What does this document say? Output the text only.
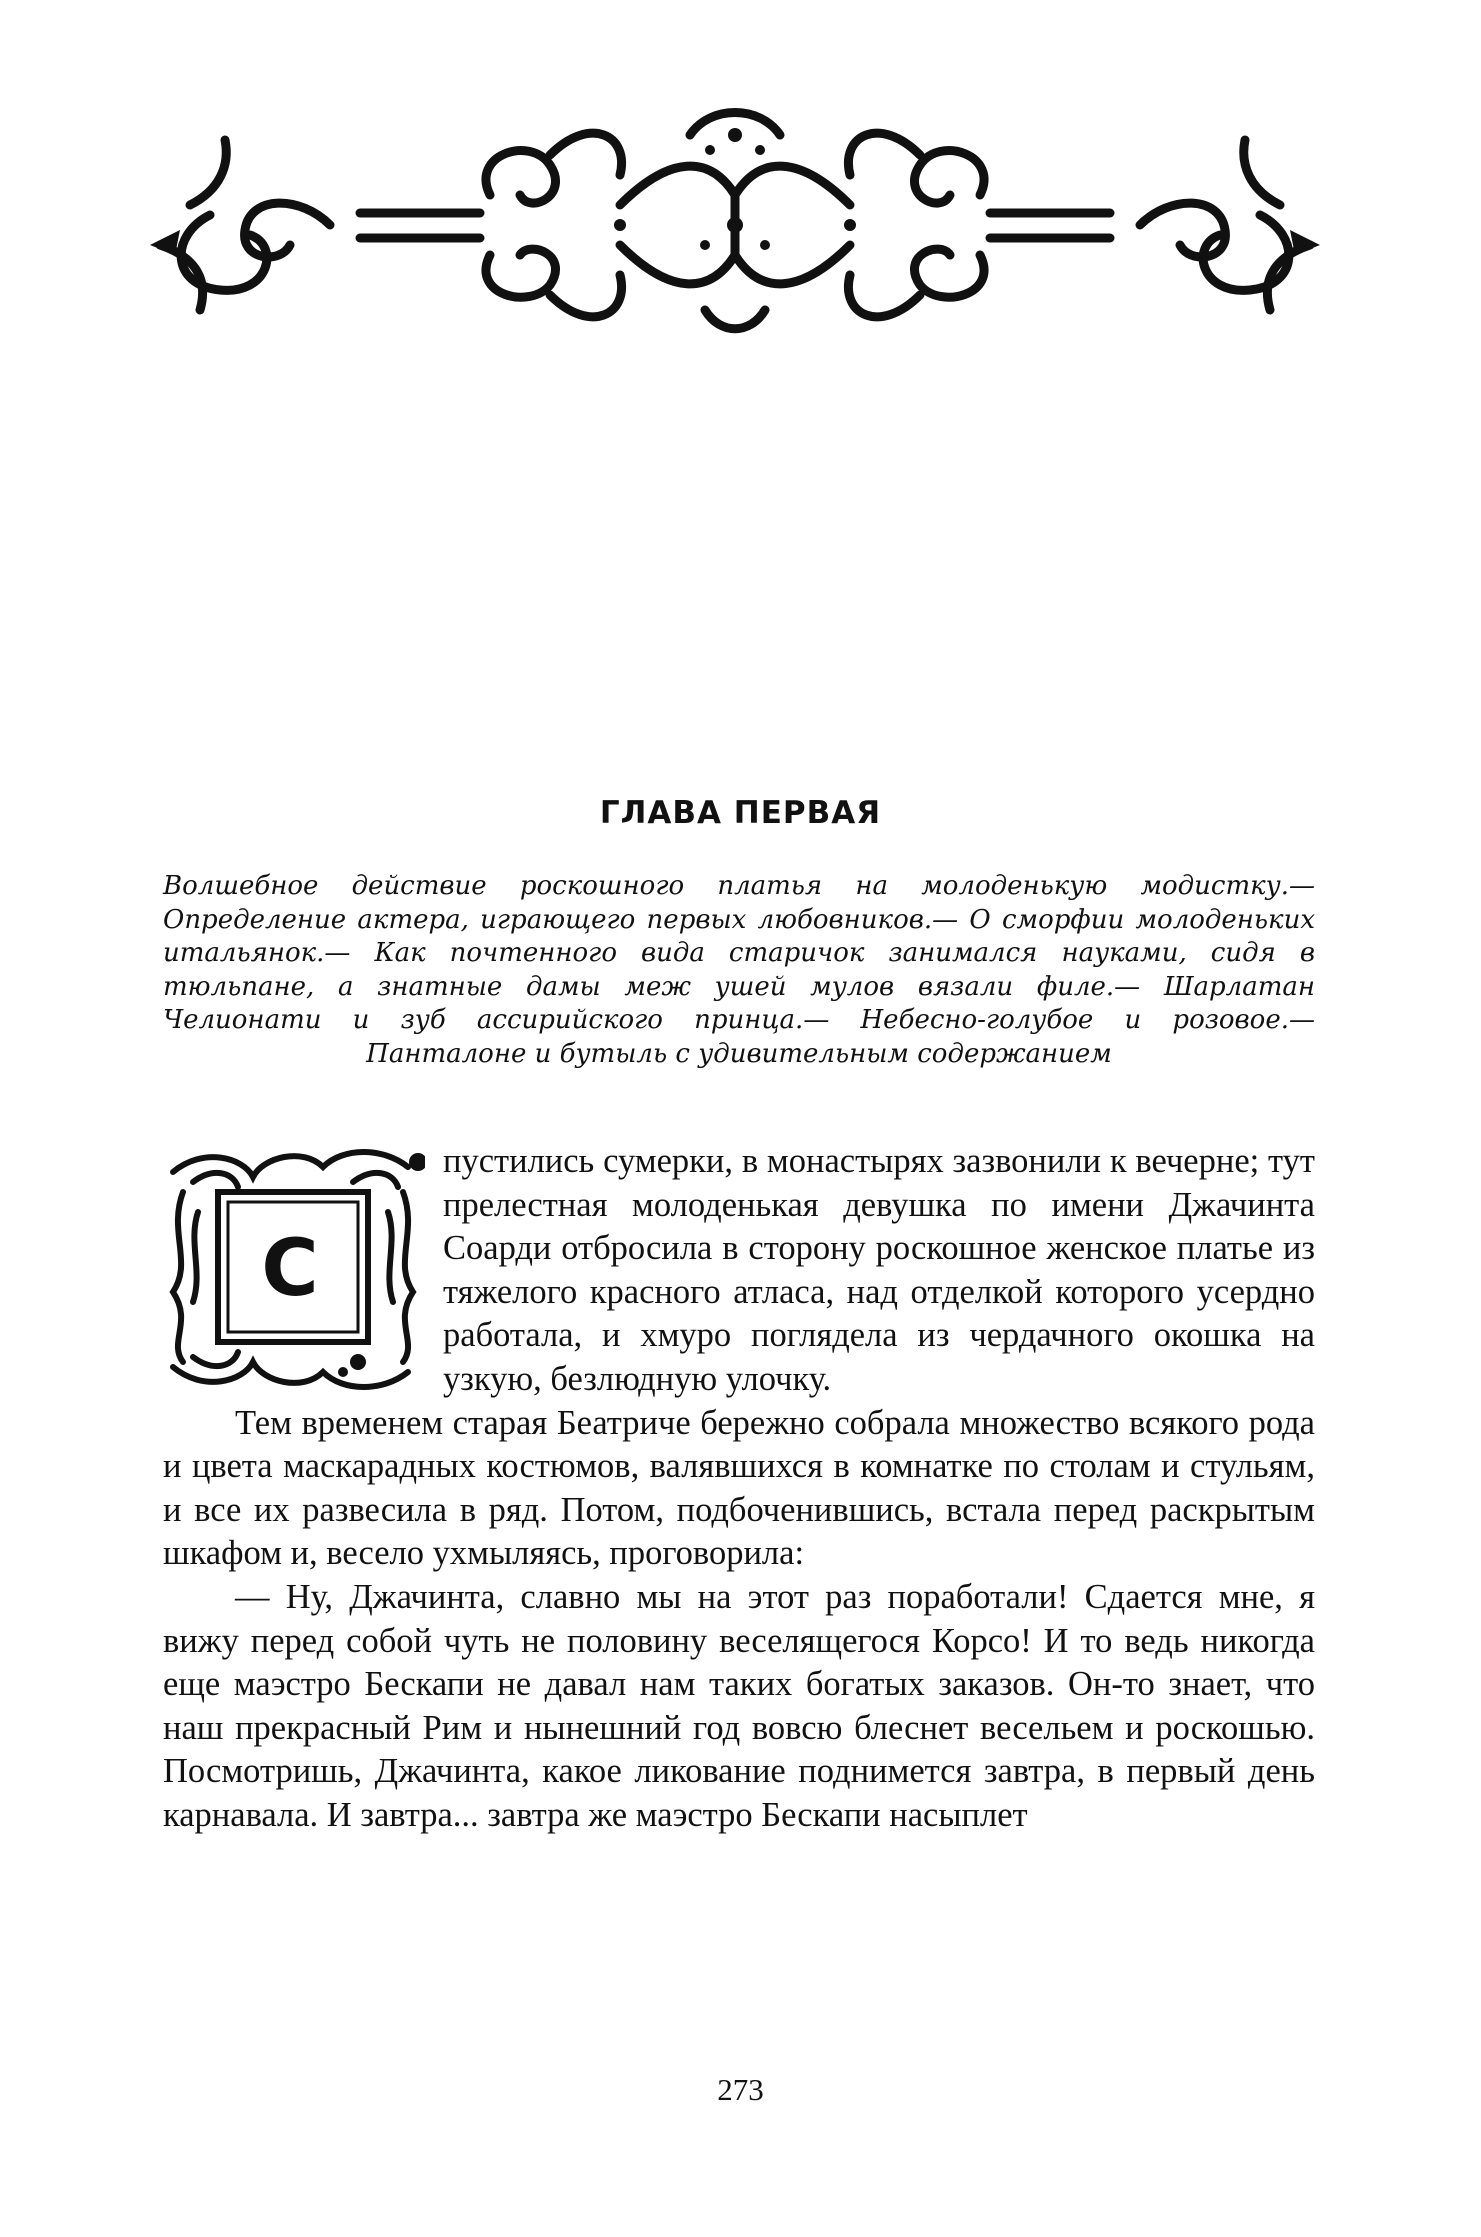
ГЛАВА ПЕРВАЯ

Волшебное действие роскошного платья на молоденькую модистку.— Определение актера, играющего первых любовников.— О сморфии молоденьких итальянок.— Как почтенного вида старичок занимался науками, сидя в тюльпане, а знатные дамы меж ушей мулов вязали филе.— Шарлатан Челионати и зуб ассирийского принца.— Небесно-голубое и розовое.— Панталоне и бутыль с удивительным содержанием

С

пустились сумерки, в монастырях зазвонили к вечерне; тут прелестная молоденькая девушка по имени Джачинта Соарди отбросила в сторону роскошное женское платье из тяжелого красного атласа, над отделкой которого усердно работала, и хмуро поглядела из чердачного окошка на узкую, безлюдную улочку.

Тем временем старая Беатриче бережно собрала множество всякого рода и цвета маскарадных костюмов, валявшихся в комнатке по столам и стульям, и все их развесила в ряд. Потом, подбоченившись, встала перед раскрытым шкафом и, весело ухмыляясь, проговорила:

— Ну, Джачинта, славно мы на этот раз поработали! Сдается мне, я вижу перед собой чуть не половину веселящегося Корсо! И то ведь никогда еще маэстро Бескапи не давал нам таких богатых заказов. Он-то знает, что наш прекрасный Рим и нынешний год вовсю блеснет весельем и роскошью. Посмотришь, Джачинта, какое ликование поднимется завтра, в первый день карнавала. И завтра... завтра же маэстро Бескапи насыплет

273
